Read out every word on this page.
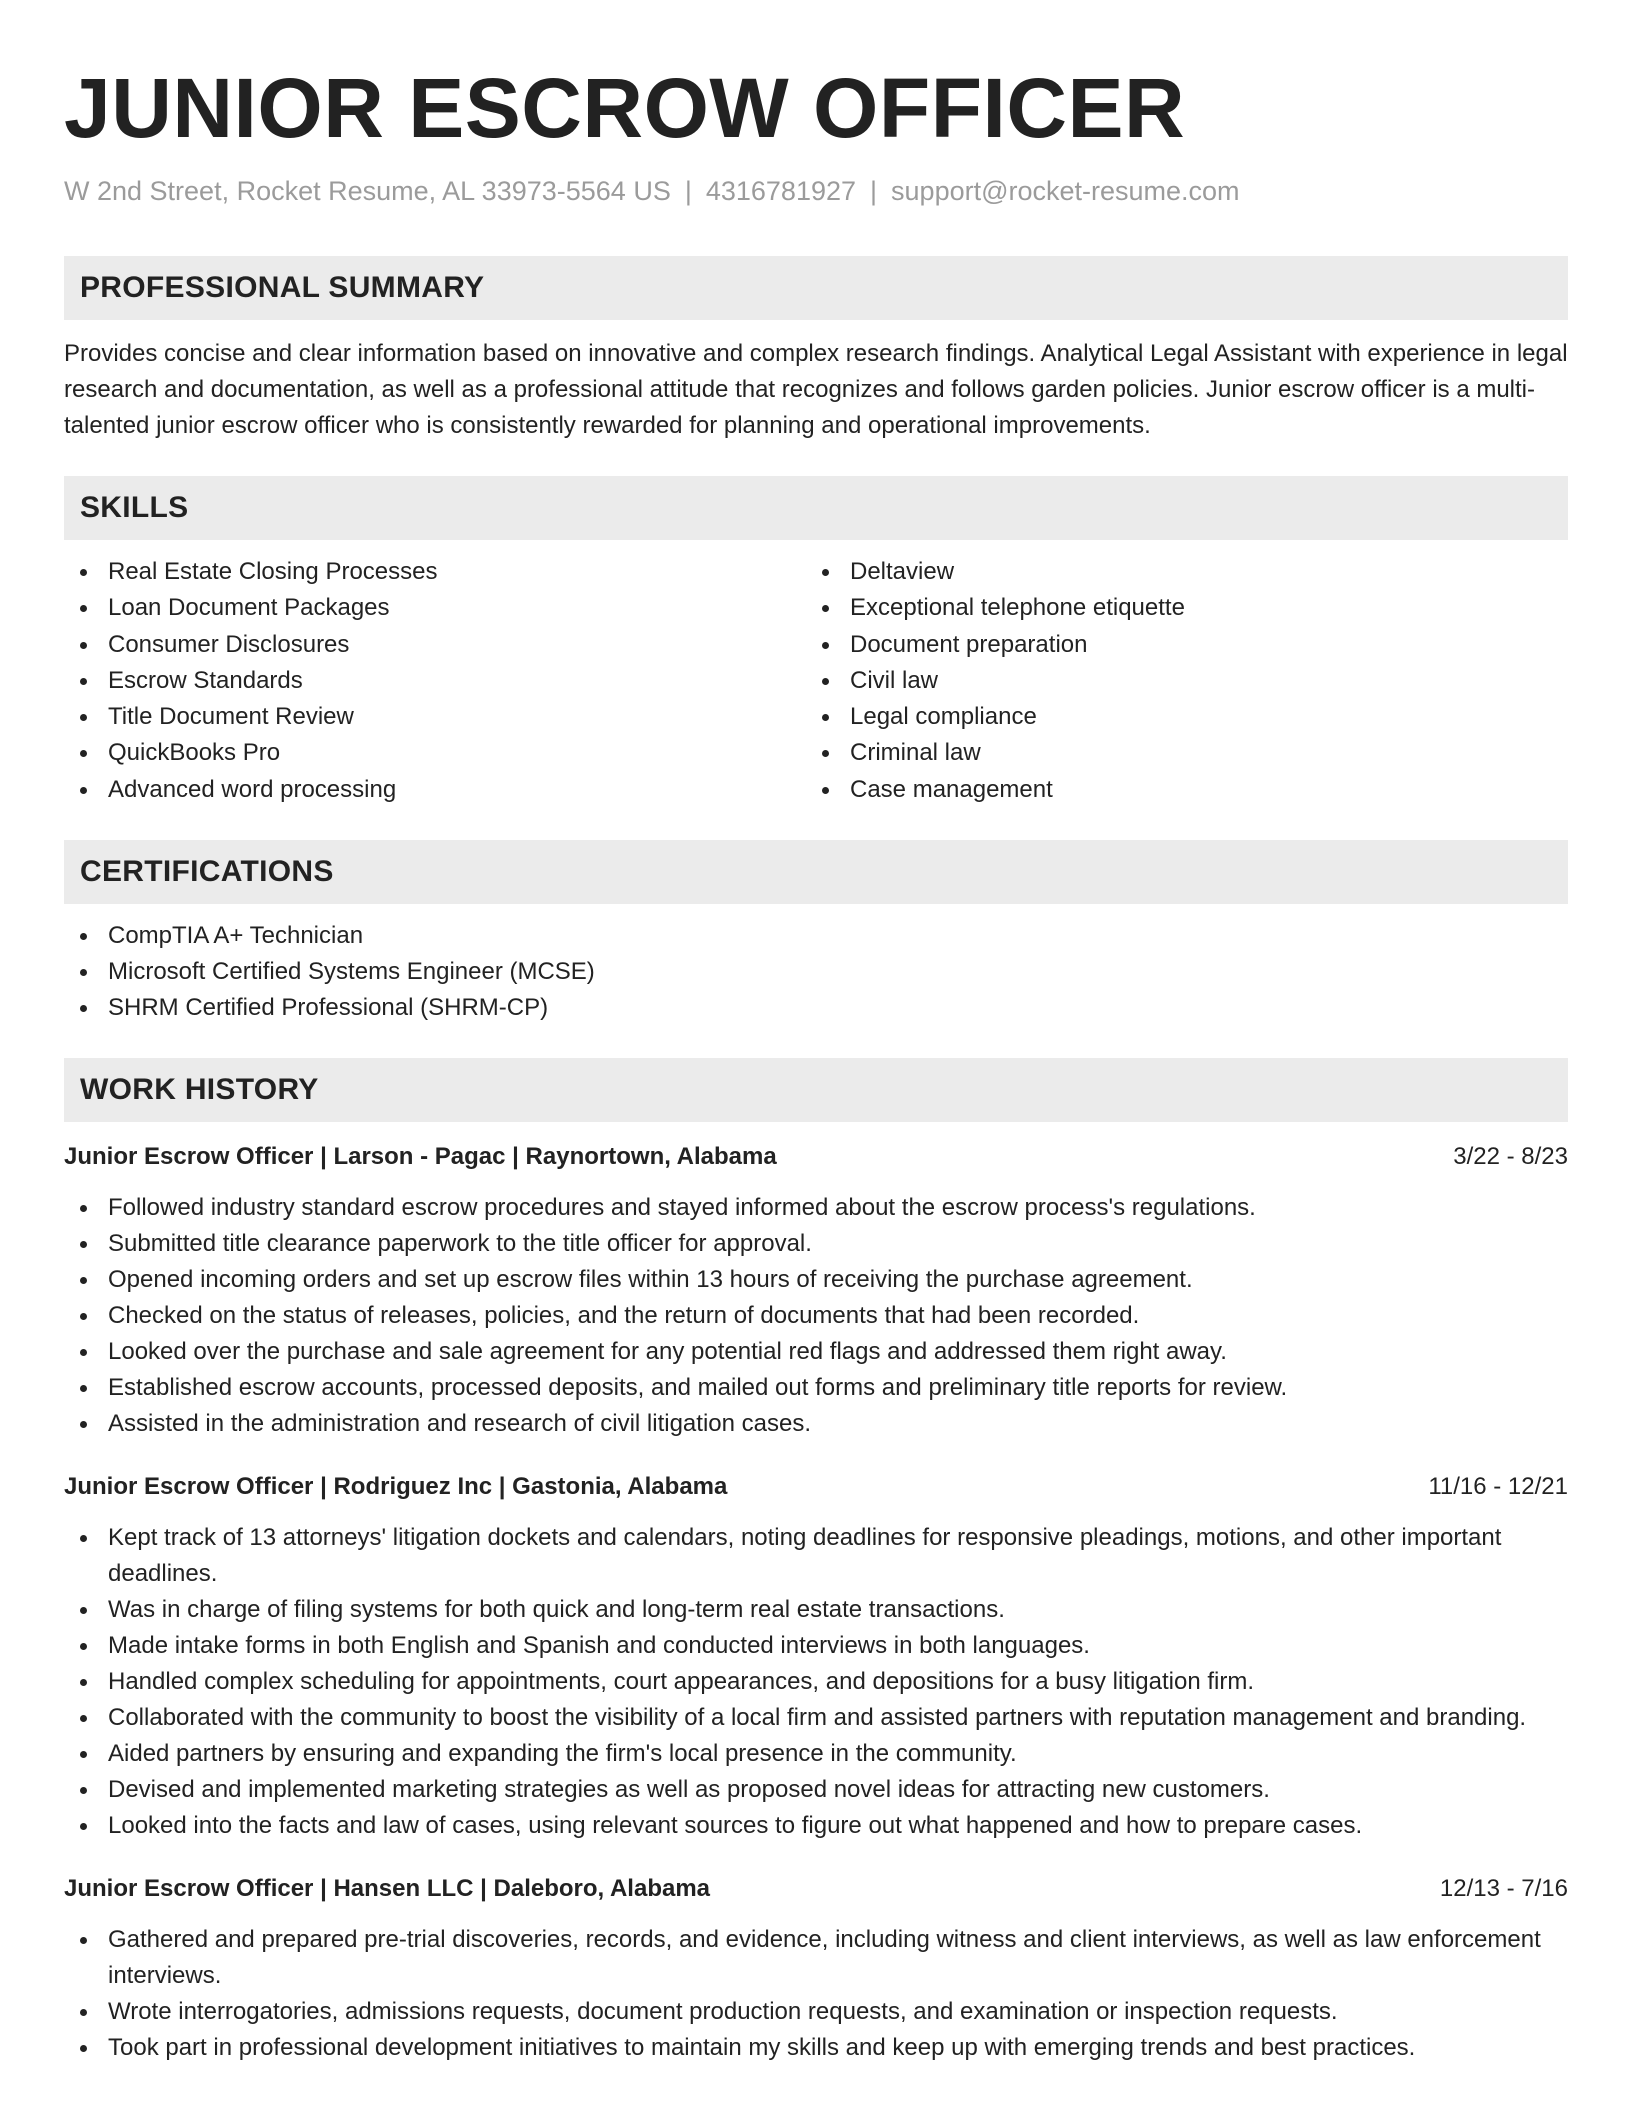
JUNIOR ESCROW OFFICER
W 2nd Street, Rocket Resume, AL 33973-5564 US | 4316781927 | support@rocket-resume.com
PROFESSIONAL SUMMARY
Provides concise and clear information based on innovative and complex research findings. Analytical Legal Assistant with experience in legal research and documentation, as well as a professional attitude that recognizes and follows garden policies. Junior escrow officer is a multi-talented junior escrow officer who is consistently rewarded for planning and operational improvements.
SKILLS
Real Estate Closing Processes
Loan Document Packages
Consumer Disclosures
Escrow Standards
Title Document Review
QuickBooks Pro
Advanced word processing
Deltaview
Exceptional telephone etiquette
Document preparation
Civil law
Legal compliance
Criminal law
Case management
CERTIFICATIONS
CompTIA A+ Technician
Microsoft Certified Systems Engineer (MCSE)
SHRM Certified Professional (SHRM-CP)
WORK HISTORY
Junior Escrow Officer | Larson - Pagac | Raynortown, Alabama	3/22 - 8/23
Followed industry standard escrow procedures and stayed informed about the escrow process's regulations.
Submitted title clearance paperwork to the title officer for approval.
Opened incoming orders and set up escrow files within 13 hours of receiving the purchase agreement.
Checked on the status of releases, policies, and the return of documents that had been recorded.
Looked over the purchase and sale agreement for any potential red flags and addressed them right away.
Established escrow accounts, processed deposits, and mailed out forms and preliminary title reports for review.
Assisted in the administration and research of civil litigation cases.
Junior Escrow Officer | Rodriguez Inc | Gastonia, Alabama	11/16 - 12/21
Kept track of 13 attorneys' litigation dockets and calendars, noting deadlines for responsive pleadings, motions, and other important deadlines.
Was in charge of filing systems for both quick and long-term real estate transactions.
Made intake forms in both English and Spanish and conducted interviews in both languages.
Handled complex scheduling for appointments, court appearances, and depositions for a busy litigation firm.
Collaborated with the community to boost the visibility of a local firm and assisted partners with reputation management and branding.
Aided partners by ensuring and expanding the firm's local presence in the community.
Devised and implemented marketing strategies as well as proposed novel ideas for attracting new customers.
Looked into the facts and law of cases, using relevant sources to figure out what happened and how to prepare cases.
Junior Escrow Officer | Hansen LLC | Daleboro, Alabama	12/13 - 7/16
Gathered and prepared pre-trial discoveries, records, and evidence, including witness and client interviews, as well as law enforcement interviews.
Wrote interrogatories, admissions requests, document production requests, and examination or inspection requests.
Took part in professional development initiatives to maintain my skills and keep up with emerging trends and best practices.
